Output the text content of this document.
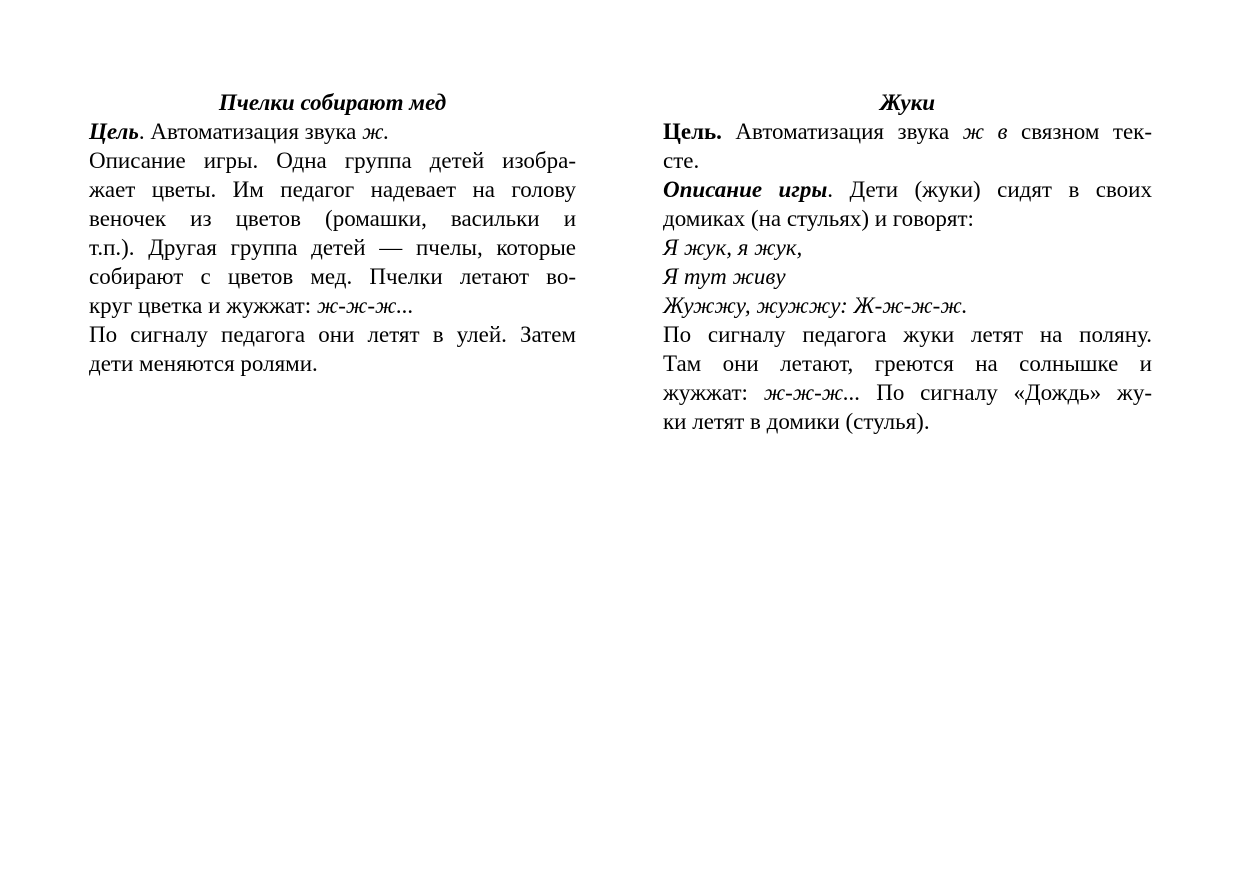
Пчелки собирают мед
Цель. Автоматизация звука ж.
Описание игры. Одна группа детей изобра-
жает цветы. Им педагог надевает на голову
веночек из цветов (ромашки, васильки и
т.п.). Другая группа детей — пчелы, которые
собирают с цветов мед. Пчелки летают во-
круг цветка и жужжат: ж-ж-ж...
По сигналу педагога они летят в улей. Затем
дети меняются ролями.
Жуки
Цель. Автоматизация звука ж в связном тек-
сте.
Описание игры. Дети (жуки) сидят в своих
домиках (на стульях) и говорят:
Я жук, я жук,
Я тут живу
Жужжу, жужжу: Ж-ж-ж-ж.
По сигналу педагога жуки летят на поляну.
Там они летают, греются на солнышке и
жужжат: ж-ж-ж... По сигналу «Дождь» жу-
ки летят в домики (стулья).
